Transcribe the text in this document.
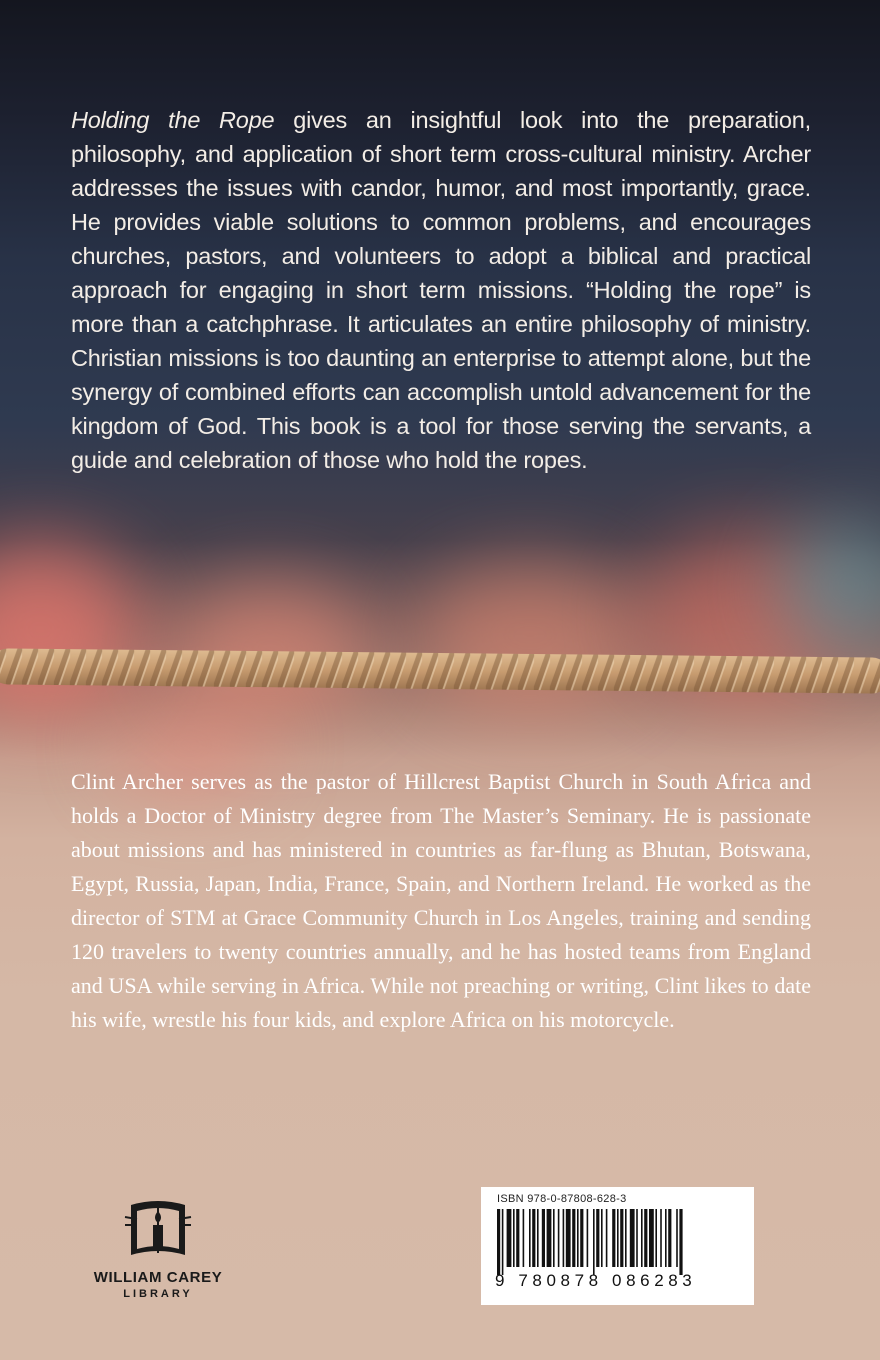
Holding the Rope gives an insightful look into the preparation, philosophy, and application of short term cross-cultural ministry. Archer addresses the issues with candor, humor, and most importantly, grace. He provides viable solutions to common problems, and encourages churches, pastors, and volunteers to adopt a biblical and practical approach for engaging in short term missions. “Holding the rope” is more than a catchphrase. It articulates an entire philosophy of ministry. Christian missions is too daunting an enterprise to attempt alone, but the synergy of combined efforts can accomplish untold advancement for the kingdom of God. This book is a tool for those serving the servants, a guide and celebration of those who hold the ropes.

Clint Archer serves as the pastor of Hillcrest Baptist Church in South Africa and holds a Doctor of Ministry degree from The Master’s Seminary. He is passionate about missions and has ministered in countries as far-flung as Bhutan, Botswana, Egypt, Russia, Japan, India, France, Spain, and Northern Ireland. He worked as the director of STM at Grace Community Church in Los Angeles, training and sending 120 travelers to twenty countries annually, and he has hosted teams from England and USA while serving in Africa. While not preaching or writing, Clint likes to date his wife, wrestle his four kids, and explore Africa on his motorcycle.

WILLIAM CAREY
LIBRARY
ISBN 978-0-87808-628-3
9 780878 086283
